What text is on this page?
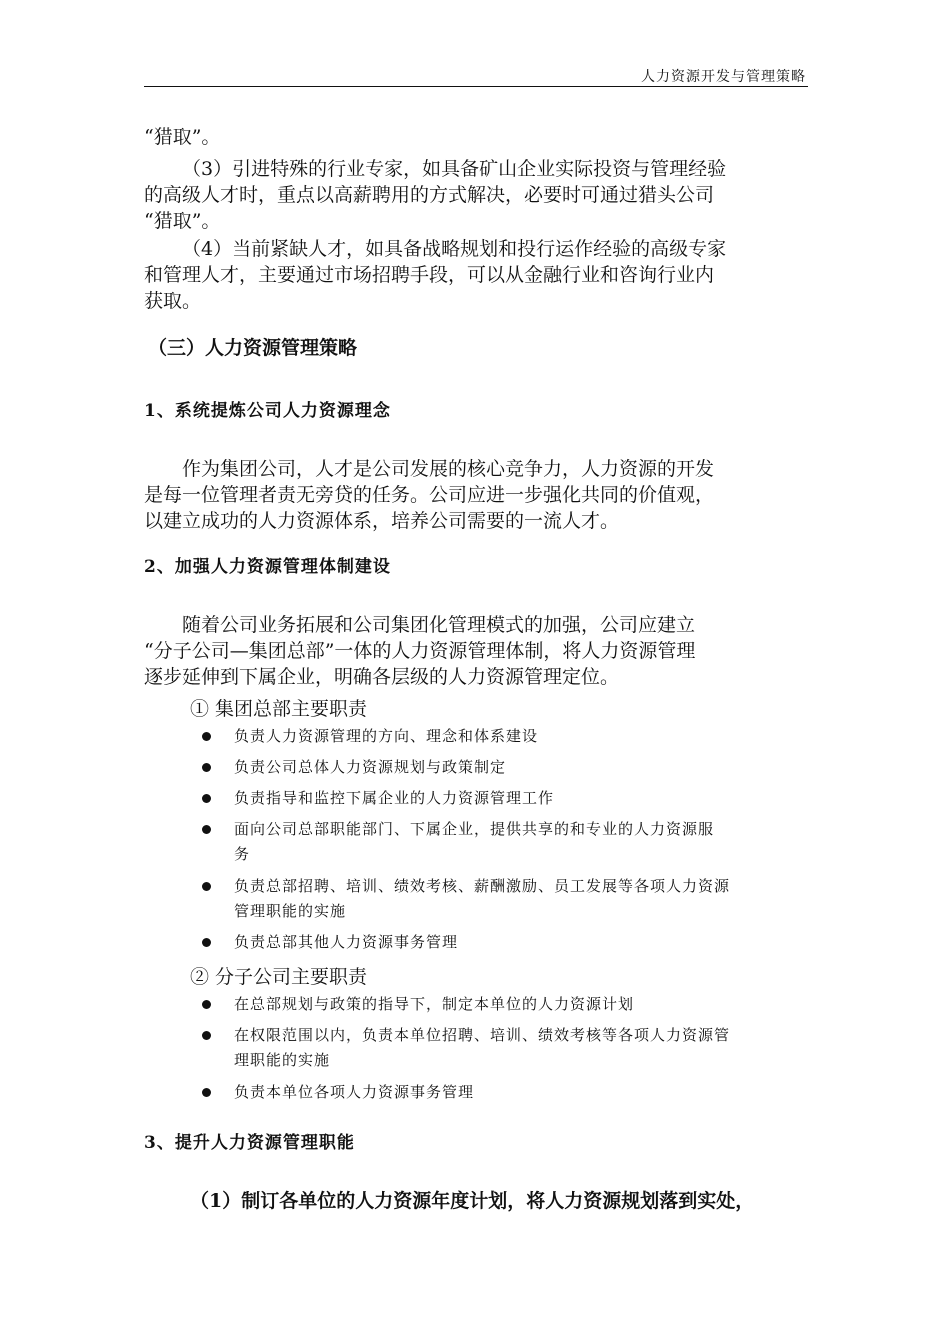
人力资源开发与管理策略
“猎取”。
（3）引进特殊的行业专家，如具备矿山企业实际投资与管理经验
的高级人才时，重点以高薪聘用的方式解决，必要时可通过猎头公司
“猎取”。
（4）当前紧缺人才，如具备战略规划和投行运作经验的高级专家
和管理人才，主要通过市场招聘手段，可以从金融行业和咨询行业内
获取。
（三）人力资源管理策略
1、系统提炼公司人力资源理念
作为集团公司，人才是公司发展的核心竞争力，人力资源的开发
是每一位管理者责无旁贷的任务。公司应进一步强化共同的价值观，
以建立成功的人力资源体系，培养公司需要的一流人才。
2、加强人力资源管理体制建设
随着公司业务拓展和公司集团化管理模式的加强，公司应建立
“分子公司—集团总部”一体的人力资源管理体制，将人力资源管理
逐步延伸到下属企业，明确各层级的人力资源管理定位。
① 集团总部主要职责
负责人力资源管理的方向、理念和体系建设
负责公司总体人力资源规划与政策制定
负责指导和监控下属企业的人力资源管理工作
面向公司总部职能部门、下属企业，提供共享的和专业的人力资源服
务
负责总部招聘、培训、绩效考核、薪酬激励、员工发展等各项人力资源
管理职能的实施
负责总部其他人力资源事务管理
② 分子公司主要职责
在总部规划与政策的指导下，制定本单位的人力资源计划
在权限范围以内，负责本单位招聘、培训、绩效考核等各项人力资源管
理职能的实施
负责本单位各项人力资源事务管理
3、提升人力资源管理职能
（1）制订各单位的人力资源年度计划，将人力资源规划落到实处，
